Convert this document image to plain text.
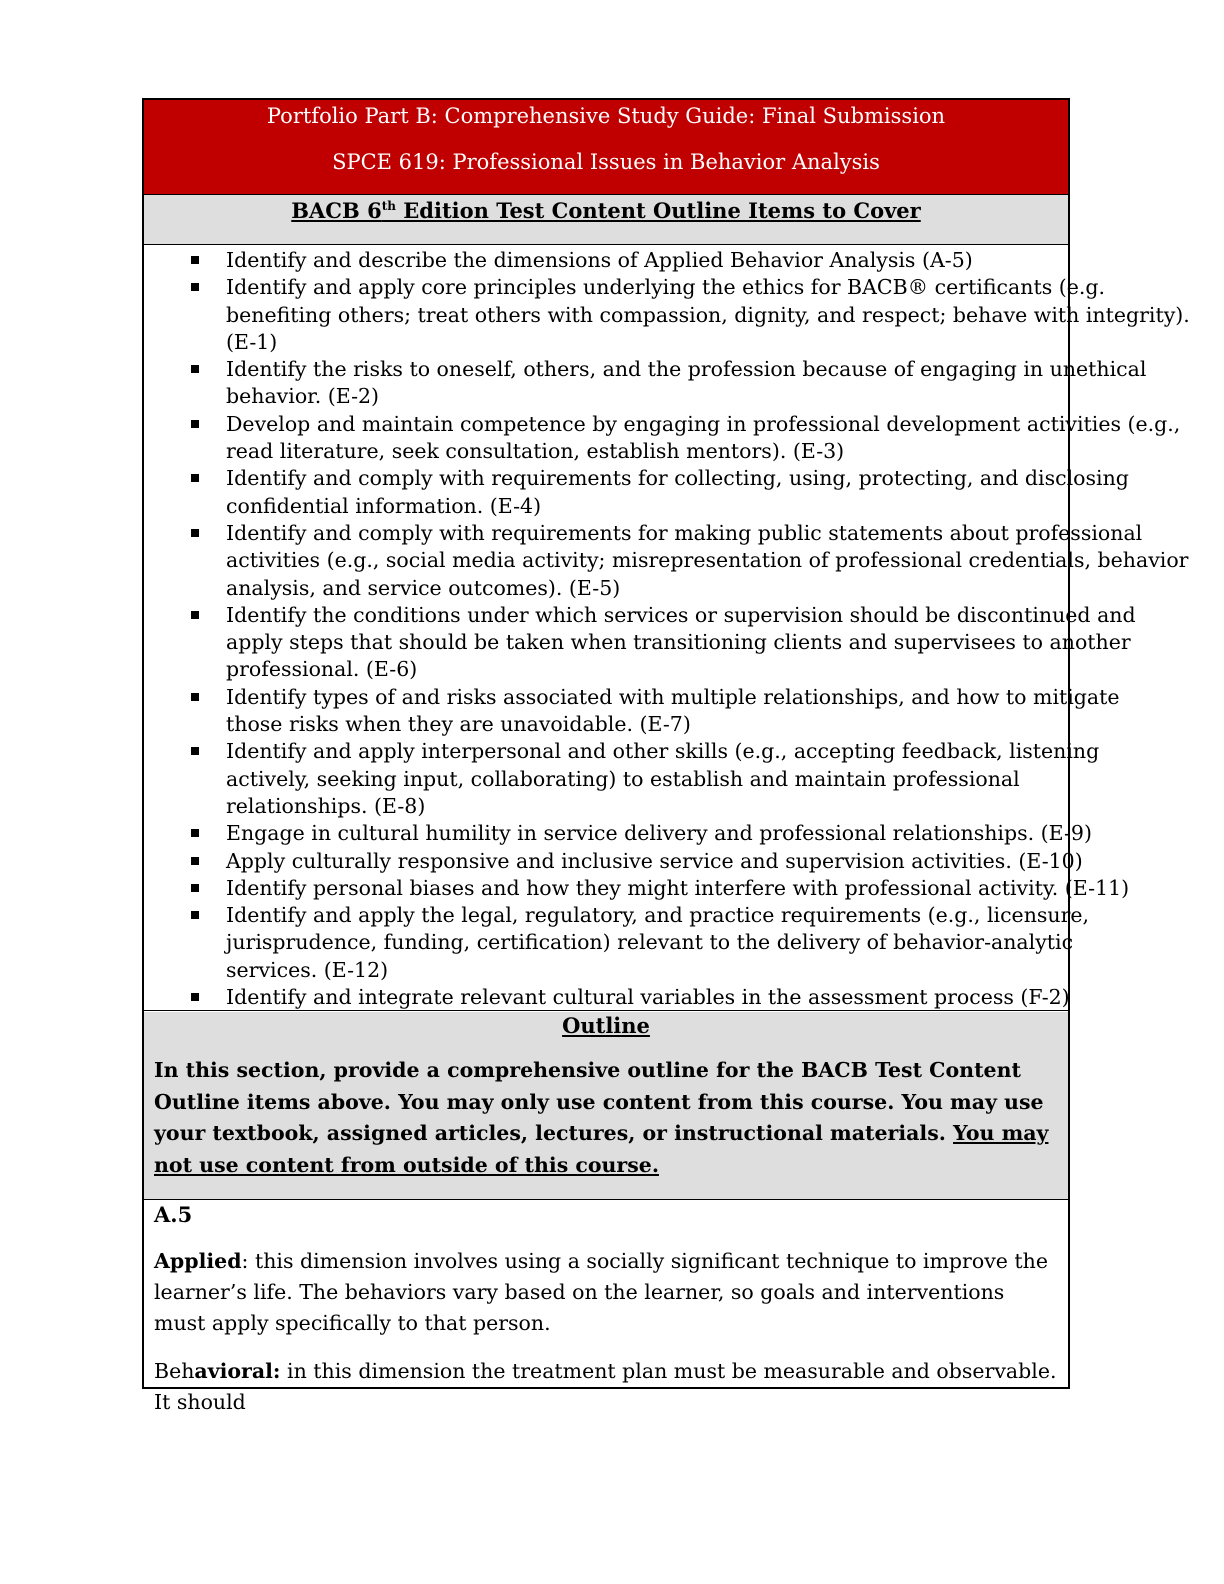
Portfolio Part B: Comprehensive Study Guide: Final Submission
SPCE 619: Professional Issues in Behavior Analysis
BACB 6th Edition Test Content Outline Items to Cover
Identify and describe the dimensions of Applied Behavior Analysis (A-5)
Identify and apply core principles underlying the ethics for BACB® certificants (e.g.
benefiting others; treat others with compassion, dignity, and respect; behave with integrity).
(E-1)
Identify the risks to oneself, others, and the profession because of engaging in unethical
behavior. (E-2)
Develop and maintain competence by engaging in professional development activities (e.g.,
read literature, seek consultation, establish mentors). (E-3)
Identify and comply with requirements for collecting, using, protecting, and disclosing
confidential information. (E-4)
Identify and comply with requirements for making public statements about professional
activities (e.g., social media activity; misrepresentation of professional credentials, behavior
analysis, and service outcomes). (E-5)
Identify the conditions under which services or supervision should be discontinued and
apply steps that should be taken when transitioning clients and supervisees to another
professional. (E-6)
Identify types of and risks associated with multiple relationships, and how to mitigate
those risks when they are unavoidable. (E-7)
Identify and apply interpersonal and other skills (e.g., accepting feedback, listening
actively, seeking input, collaborating) to establish and maintain professional
relationships. (E-8)
Engage in cultural humility in service delivery and professional relationships. (E-9)
Apply culturally responsive and inclusive service and supervision activities. (E-10)
Identify personal biases and how they might interfere with professional activity. (E-11)
Identify and apply the legal, regulatory, and practice requirements (e.g., licensure,
jurisprudence, funding, certification) relevant to the delivery of behavior-analytic
services. (E-12)
Identify and integrate relevant cultural variables in the assessment process (F-2)
Outline
In this section, provide a comprehensive outline for the BACB Test Content Outline items above. You may only use content from this course. You may use your textbook, assigned articles, lectures, or instructional materials. You may not use content from outside of this course.
A.5

Applied: this dimension involves using a socially significant technique to improve the learner’s life. The behaviors vary based on the learner, so goals and interventions must apply specifically to that person.

Behavioral: in this dimension the treatment plan must be measurable and observable. It should
